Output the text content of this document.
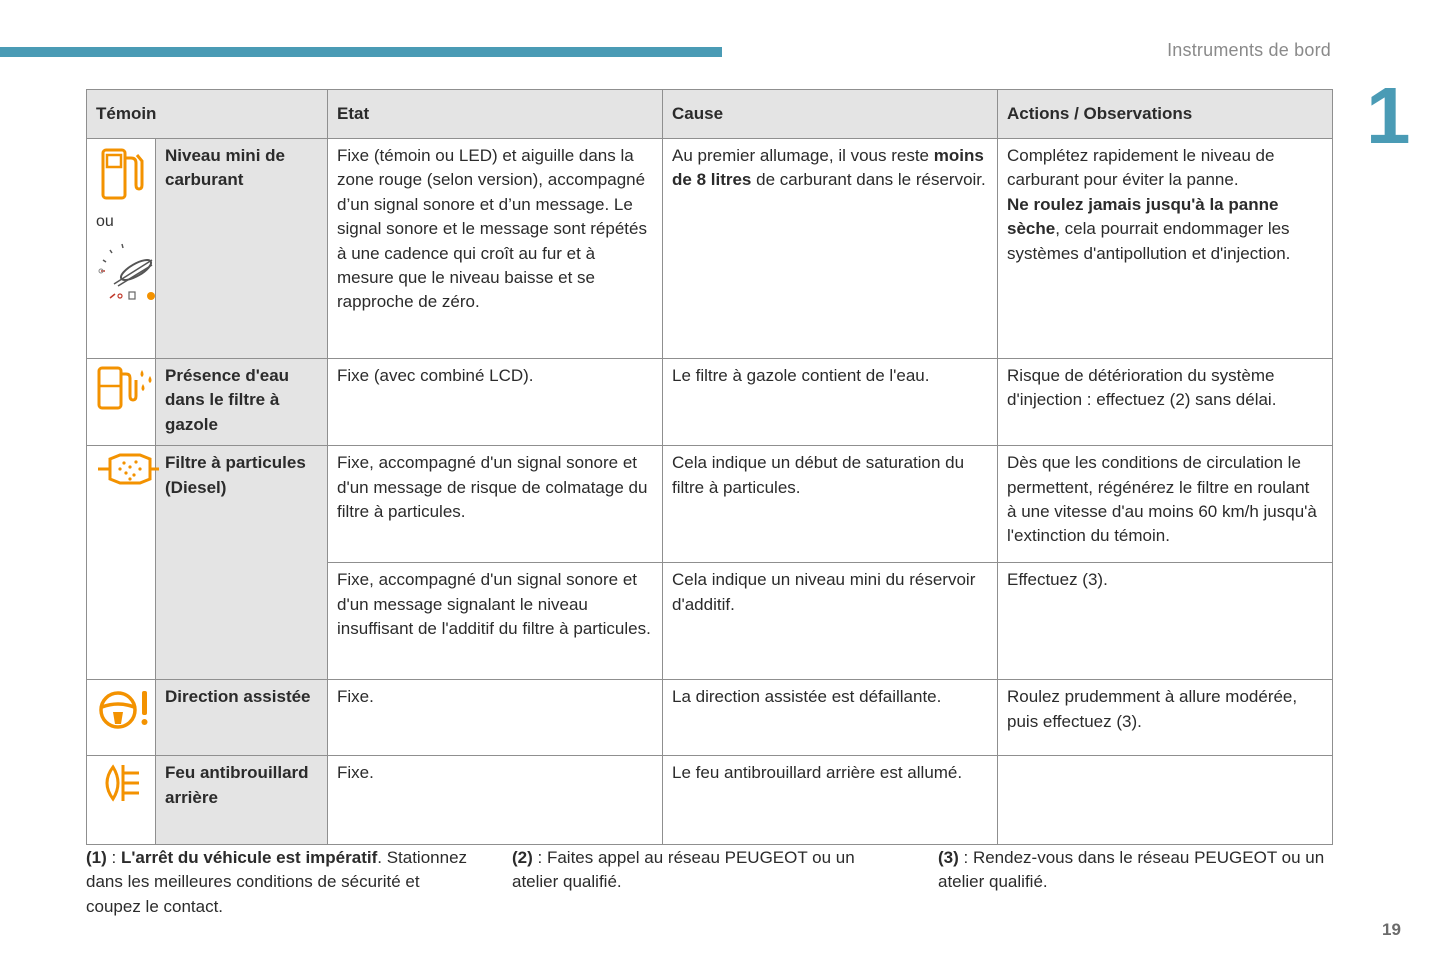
Instruments de bord
1
Témoin		Etat	Cause	Actions / Observations

ou	Niveau mini de carburant	Fixe (témoin ou LED) et aiguille dans la zone rouge (selon version), accompagné d’un signal sonore et d’un message. Le signal sonore et le message sont répétés à une cadence qui croît au fur et à mesure que le niveau baisse et se rapproche de zéro.	Au premier allumage, il vous reste moins de 8 litres de carburant dans le réservoir.	Complétez rapidement le niveau de carburant pour éviter la panne.
Ne roulez jamais jusqu'à la panne sèche, cela pourrait endommager les systèmes d'antipollution et d'injection.

	Présence d'eau dans le filtre à gazole	Fixe (avec combiné LCD).	Le filtre à gazole contient de l'eau.	Risque de détérioration du système d'injection : effectuez (2) sans délai.

	Filtre à particules (Diesel)	Fixe, accompagné d'un signal sonore et d'un message de risque de colmatage du filtre à particules.	Cela indique un début de saturation du filtre à particules.	Dès que les conditions de circulation le permettent, régénérez le filtre en roulant à une vitesse d'au moins 60 km/h jusqu'à l'extinction du témoin.
		Fixe, accompagné d'un signal sonore et d'un message signalant le niveau insuffisant de l'additif du filtre à particules.	Cela indique un niveau mini du réservoir d'additif.	Effectuez (3).

	Direction assistée	Fixe.	La direction assistée est défaillante.	Roulez prudemment à allure modérée, puis effectuez (3).

	Feu antibrouillard arrière	Fixe.	Le feu antibrouillard arrière est allumé.	
(1) : L'arrêt du véhicule est impératif. Stationnez dans les meilleures conditions de sécurité et coupez le contact.
(2) : Faites appel au réseau PEUGEOT ou un atelier qualifié.
(3) : Rendez-vous dans le réseau PEUGEOT ou un atelier qualifié.
19
